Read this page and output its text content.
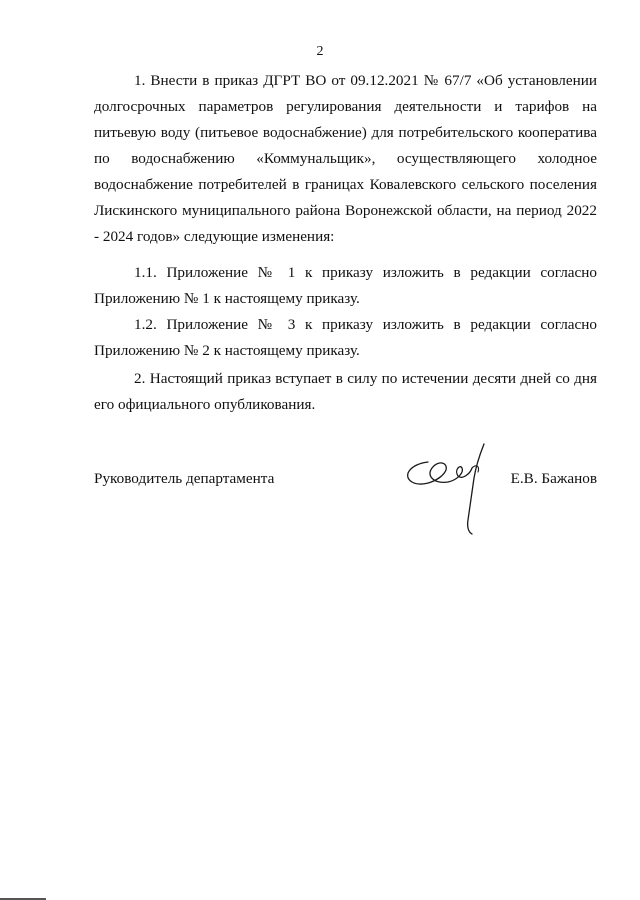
2

1. Внести в приказ ДГРТ ВО от 09.12.2021 № 67/7 «Об установлении долгосрочных параметров регулирования деятельности и тарифов на питьевую воду (питьевое водоснабжение) для потребительского кооператива по водоснабжению «Коммунальщик», осуществляющего холодное водоснабжение потребителей в границах Ковалевского сельского поселения Лискинского муниципального района Воронежской области, на период 2022 - 2024 годов» следующие изменения:

1.1. Приложение № 1 к приказу изложить в редакции согласно Приложению № 1 к настоящему приказу.

1.2. Приложение № 3 к приказу изложить в редакции согласно Приложению № 2 к настоящему приказу.

2. Настоящий приказ вступает в силу по истечении десяти дней со дня его официального опубликования.

Руководитель департамента	Е.В. Бажанов
